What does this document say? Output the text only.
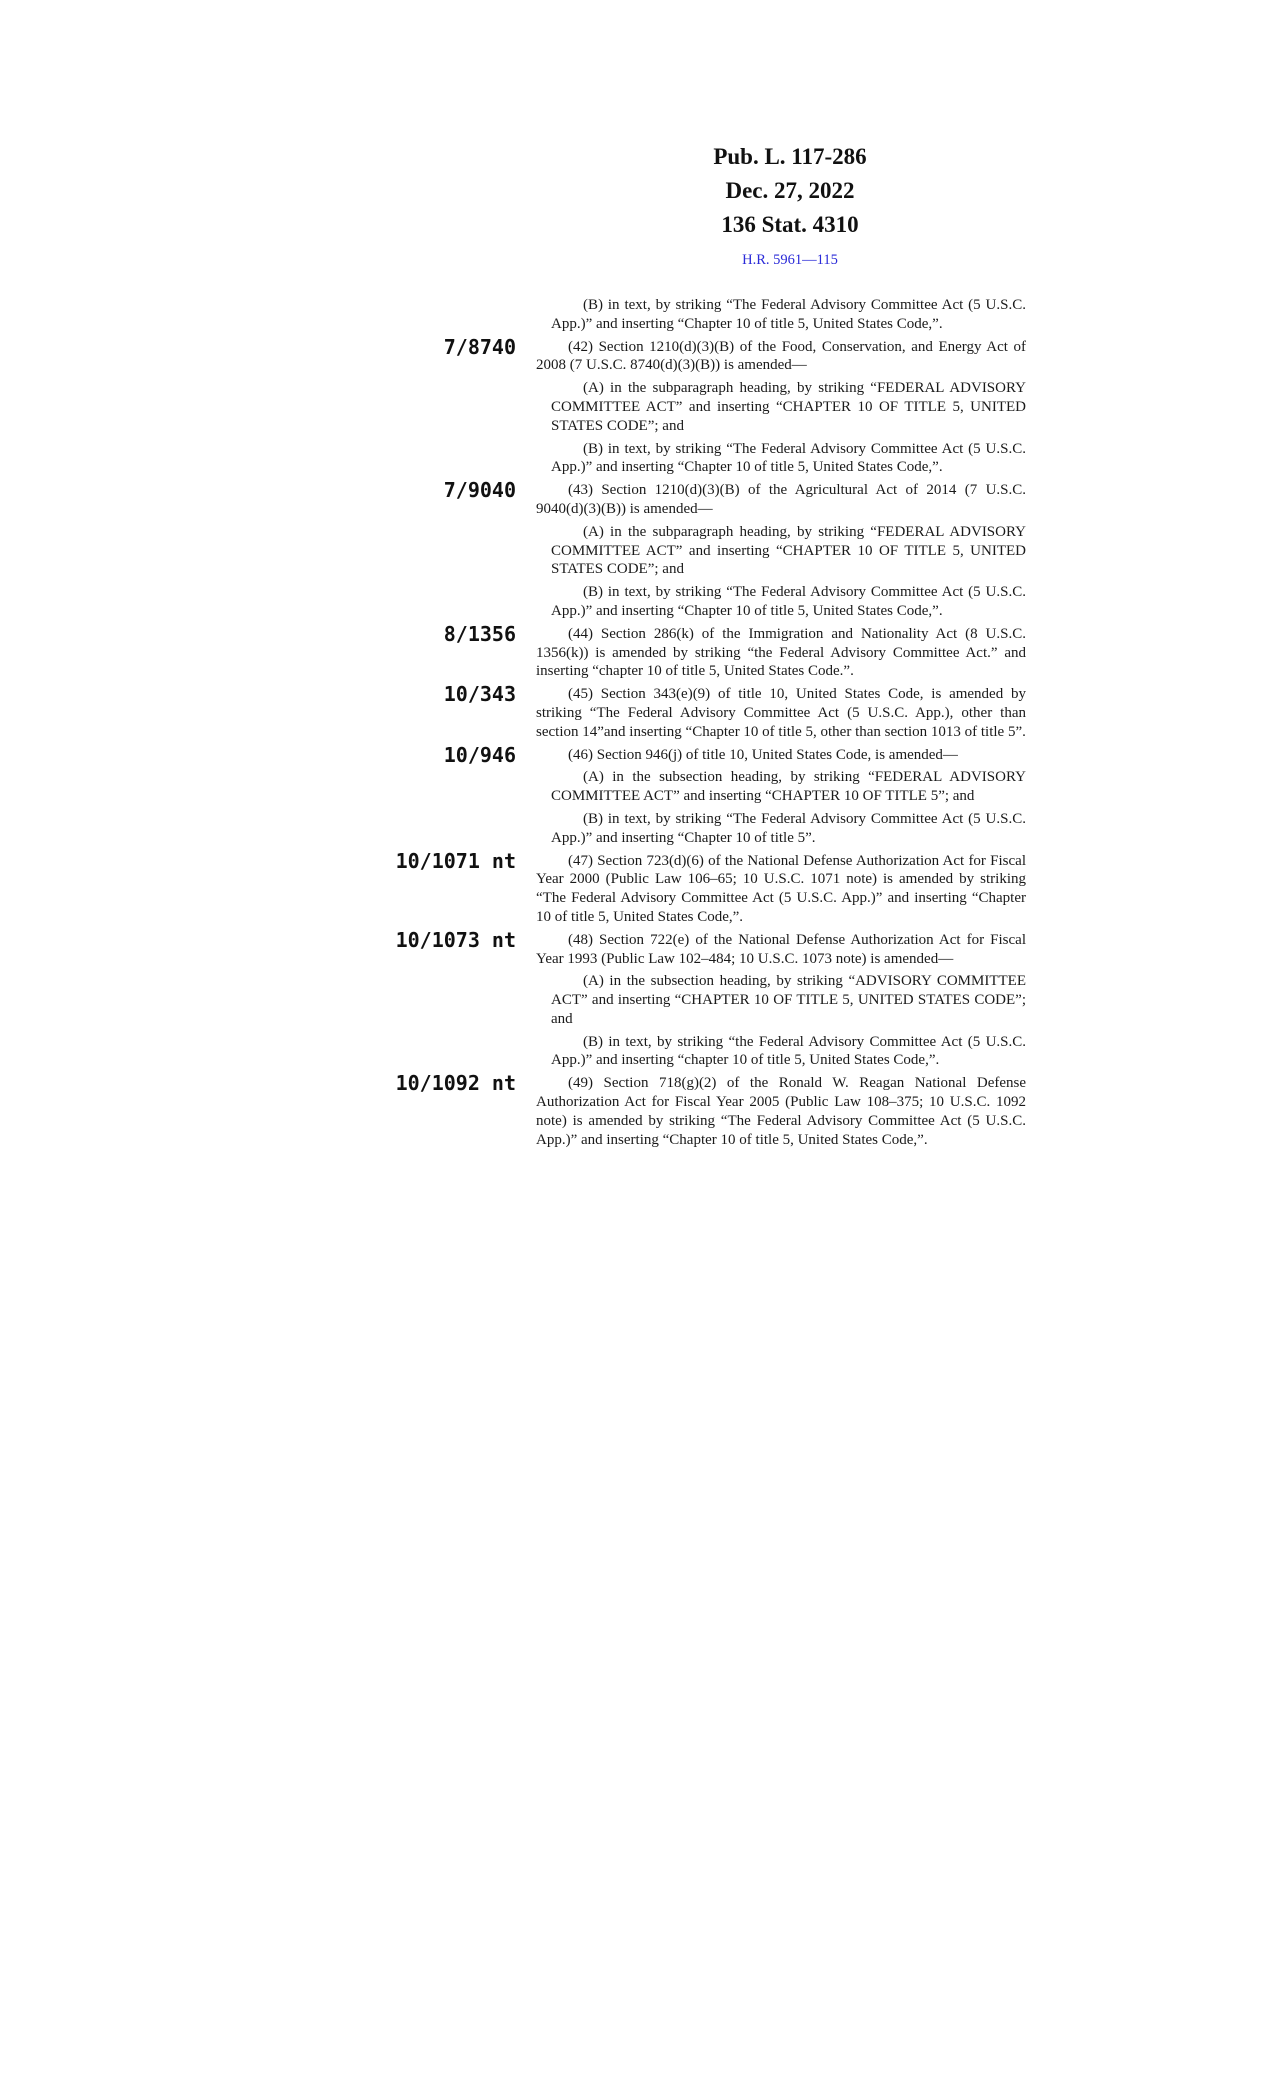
Pub. L. 117-286
Dec. 27, 2022
136 Stat. 4310
H.R. 5961—115

(B) in text, by striking “The Federal Advisory Committee Act (5 U.S.C. App.)” and inserting “Chapter 10 of title 5, United States Code,”.

7/8740	(42) Section 1210(d)(3)(B) of the Food, Conservation, and Energy Act of 2008 (7 U.S.C. 8740(d)(3)(B)) is amended—

(A) in the subparagraph heading, by striking “FEDERAL ADVISORY COMMITTEE ACT” and inserting “CHAPTER 10 OF TITLE 5, UNITED STATES CODE”; and

(B) in text, by striking “The Federal Advisory Committee Act (5 U.S.C. App.)” and inserting “Chapter 10 of title 5, United States Code,”.

7/9040	(43) Section 1210(d)(3)(B) of the Agricultural Act of 2014 (7 U.S.C. 9040(d)(3)(B)) is amended—

(A) in the subparagraph heading, by striking “FEDERAL ADVISORY COMMITTEE ACT” and inserting “CHAPTER 10 OF TITLE 5, UNITED STATES CODE”; and

(B) in text, by striking “The Federal Advisory Committee Act (5 U.S.C. App.)” and inserting “Chapter 10 of title 5, United States Code,”.

8/1356	(44) Section 286(k) of the Immigration and Nationality Act (8 U.S.C. 1356(k)) is amended by striking “the Federal Advisory Committee Act.” and inserting “chapter 10 of title 5, United States Code.”.

10/343	(45) Section 343(e)(9) of title 10, United States Code, is amended by striking “The Federal Advisory Committee Act (5 U.S.C. App.), other than section 14”and inserting “Chapter 10 of title 5, other than section 1013 of title 5”.

10/946	(46) Section 946(j) of title 10, United States Code, is amended—

(A) in the subsection heading, by striking “FEDERAL ADVISORY COMMITTEE ACT” and inserting “CHAPTER 10 OF TITLE 5”; and

(B) in text, by striking “The Federal Advisory Committee Act (5 U.S.C. App.)” and inserting “Chapter 10 of title 5”.

10/1071 nt	(47) Section 723(d)(6) of the National Defense Authorization Act for Fiscal Year 2000 (Public Law 106–65; 10 U.S.C. 1071 note) is amended by striking “The Federal Advisory Committee Act (5 U.S.C. App.)” and inserting “Chapter 10 of title 5, United States Code,”.

10/1073 nt	(48) Section 722(e) of the National Defense Authorization Act for Fiscal Year 1993 (Public Law 102–484; 10 U.S.C. 1073 note) is amended—

(A) in the subsection heading, by striking “ADVISORY COMMITTEE ACT” and inserting “CHAPTER 10 OF TITLE 5, UNITED STATES CODE”; and

(B) in text, by striking “the Federal Advisory Committee Act (5 U.S.C. App.)” and inserting “chapter 10 of title 5, United States Code,”.

10/1092 nt	(49) Section 718(g)(2) of the Ronald W. Reagan National Defense Authorization Act for Fiscal Year 2005 (Public Law 108–375; 10 U.S.C. 1092 note) is amended by striking “The Federal Advisory Committee Act (5 U.S.C. App.)” and inserting “Chapter 10 of title 5, United States Code,”.
